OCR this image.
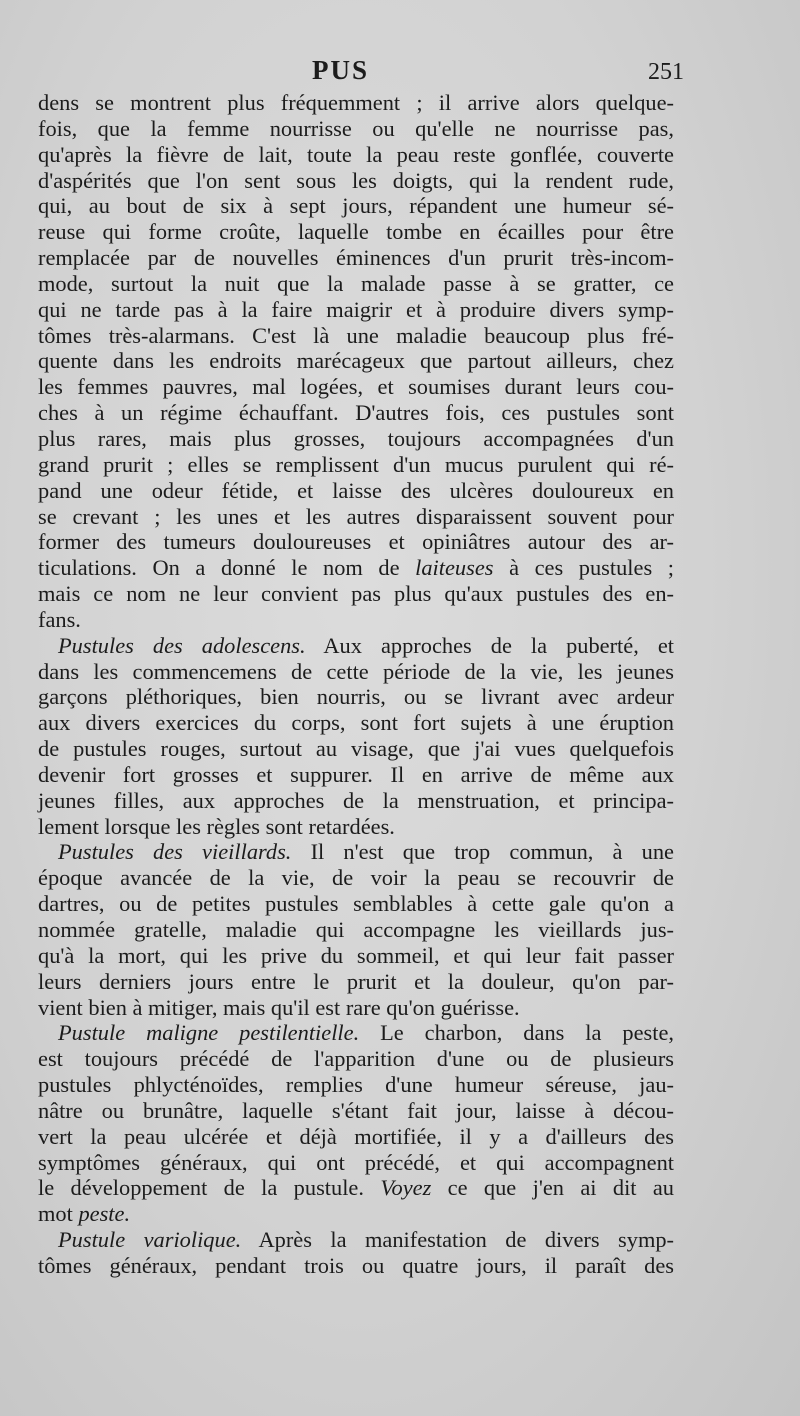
PUS	251
dens se montrent plus fréquemment ; il arrive alors quelque-
fois, que la femme nourrisse ou qu'elle ne nourrisse pas,
qu'après la fièvre de lait, toute la peau reste gonflée, couverte
d'aspérités que l'on sent sous les doigts, qui la rendent rude,
qui, au bout de six à sept jours, répandent une humeur sé-
reuse qui forme croûte, laquelle tombe en écailles pour être
remplacée par de nouvelles éminences d'un prurit très-incom-
mode, surtout la nuit que la malade passe à se gratter, ce
qui ne tarde pas à la faire maigrir et à produire divers symp-
tômes très-alarmans. C'est là une maladie beaucoup plus fré-
quente dans les endroits marécageux que partout ailleurs, chez
les femmes pauvres, mal logées, et soumises durant leurs cou-
ches à un régime échauffant. D'autres fois, ces pustules sont
plus rares, mais plus grosses, toujours accompagnées d'un
grand prurit ; elles se remplissent d'un mucus purulent qui ré-
pand une odeur fétide, et laisse des ulcères douloureux en
se crevant ; les unes et les autres disparaissent souvent pour
former des tumeurs douloureuses et opiniâtres autour des ar-
ticulations. On a donné le nom de laiteuses à ces pustules ;
mais ce nom ne leur convient pas plus qu'aux pustules des en-
fans.
Pustules des adolescens. Aux approches de la puberté, et
dans les commencemens de cette période de la vie, les jeunes
garçons pléthoriques, bien nourris, ou se livrant avec ardeur
aux divers exercices du corps, sont fort sujets à une éruption
de pustules rouges, surtout au visage, que j'ai vues quelquefois
devenir fort grosses et suppurer. Il en arrive de même aux
jeunes filles, aux approches de la menstruation, et principa-
lement lorsque les règles sont retardées.
Pustules des vieillards. Il n'est que trop commun, à une
époque avancée de la vie, de voir la peau se recouvrir de
dartres, ou de petites pustules semblables à cette gale qu'on a
nommée gratelle, maladie qui accompagne les vieillards jus-
qu'à la mort, qui les prive du sommeil, et qui leur fait passer
leurs derniers jours entre le prurit et la douleur, qu'on par-
vient bien à mitiger, mais qu'il est rare qu'on guérisse.
Pustule maligne pestilentielle. Le charbon, dans la peste,
est toujours précédé de l'apparition d'une ou de plusieurs
pustules phlycténoïdes, remplies d'une humeur séreuse, jau-
nâtre ou brunâtre, laquelle s'étant fait jour, laisse à décou-
vert la peau ulcérée et déjà mortifiée, il y a d'ailleurs des
symptômes généraux, qui ont précédé, et qui accompagnent
le développement de la pustule. Voyez ce que j'en ai dit au
mot peste.
Pustule variolique. Après la manifestation de divers symp-
tômes généraux, pendant trois ou quatre jours, il paraît des
